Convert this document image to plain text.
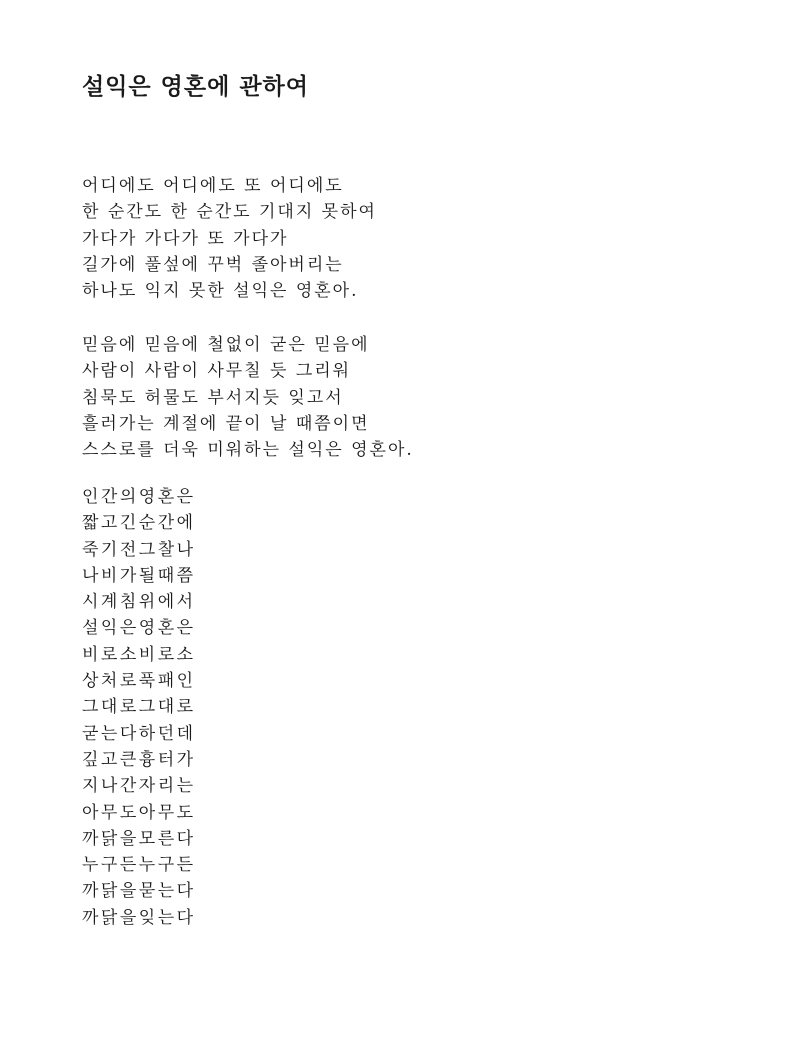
설익은 영혼에 관하여
어디에도 어디에도 또 어디에도
한 순간도 한 순간도 기대지 못하여
가다가 가다가 또 가다가
길가에 풀섶에 꾸벅 졸아버리는
하나도 익지 못한 설익은 영혼아.
믿음에 믿음에 철없이 굳은 믿음에
사람이 사람이 사무칠 듯 그리워
침묵도 허물도 부서지듯 잊고서
흘러가는 계절에 끝이 날 때쯤이면
스스로를 더욱 미워하는 설익은 영혼아.
인간의영혼은
짧고긴순간에
죽기전그찰나
나비가될때쯤
시계침위에서
설익은영혼은
비로소비로소
상처로푹패인
그대로그대로
굳는다하던데
깊고큰흉터가
지나간자리는
아무도아무도
까닭을모른다
누구든누구든
까닭을묻는다
까닭을잊는다
